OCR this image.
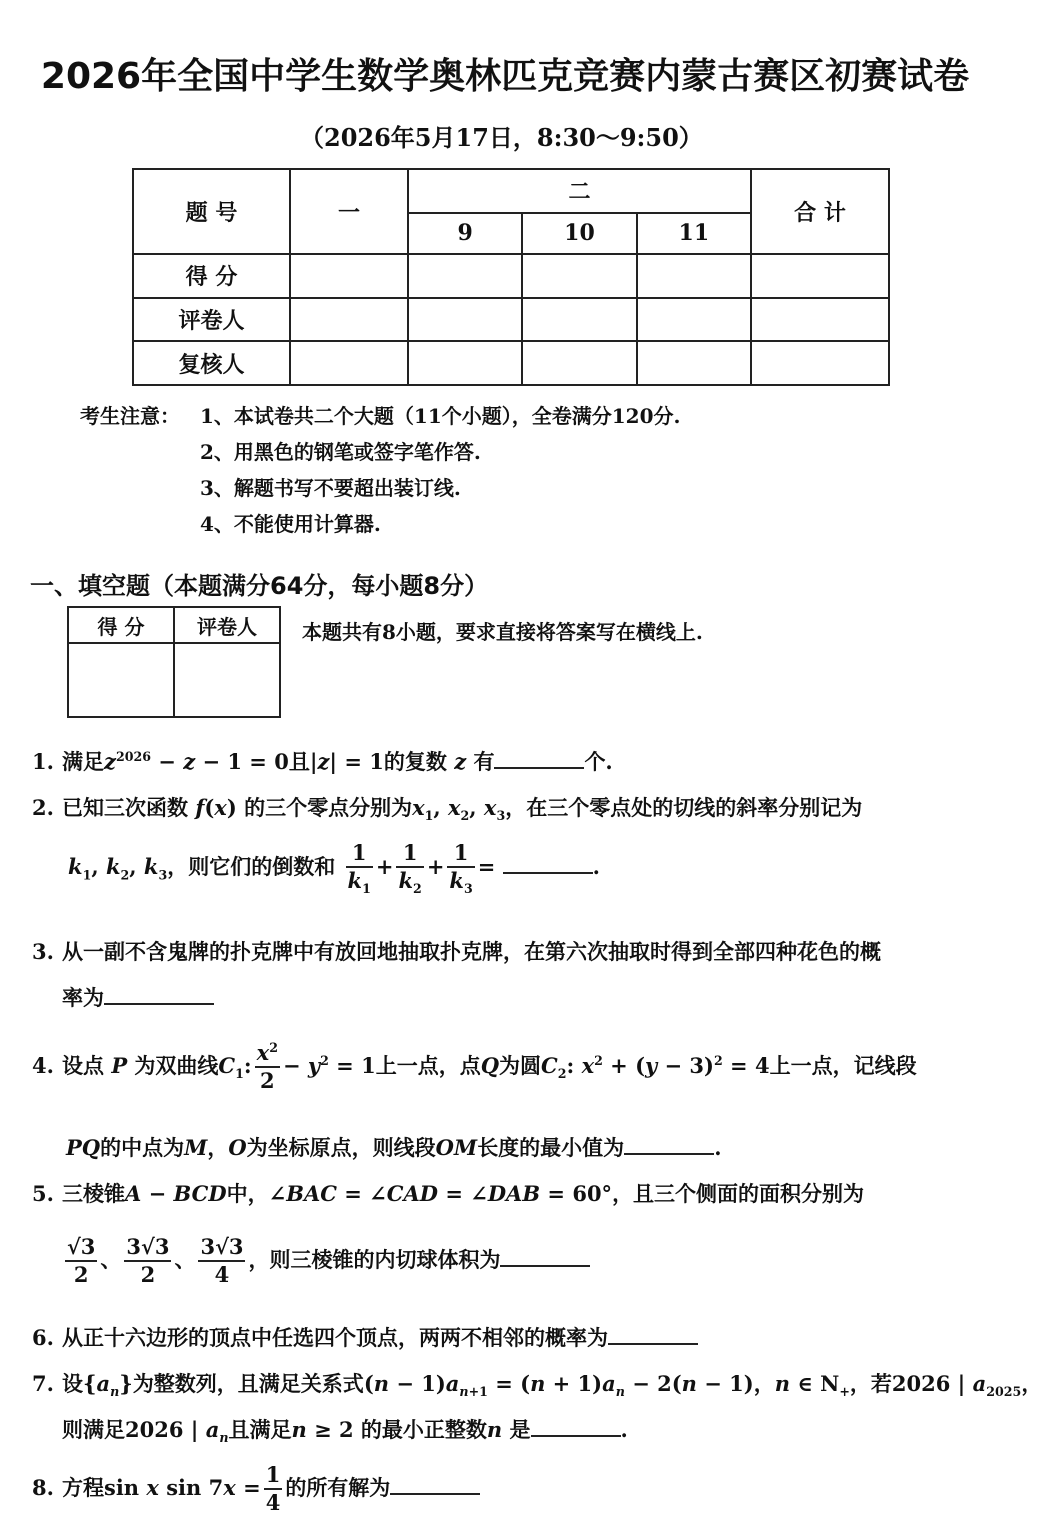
2026年全国中学生数学奥林匹克竞赛内蒙古赛区初赛试卷
（2026年5月17日，8:30～9:50）
题 号	一	二			合 计
		9	10	11	
得 分					
评卷人					
复核人					
考生注意： 1、本试卷共二个大题（11个小题），全卷满分120分.
2、用黑色的钢笔或签字笔作答.
3、解题书写不要超出装订线.
4、不能使用计算器.
一、填空题（本题满分64分，每小题8分）
得 分	评卷人
	本题共有8小题，要求直接将答案写在横线上.
1. 满足$z^{2026} - z - 1 = 0$且|z| = 1的复数 z 有	个.
2. 已知三次函数 f(x) 的三个零点分别为$x_1$, $x_2$, $x_3$，在三个零点处的切线的斜率分别记为
$k_1$, $k_2$, $k_3$，则它们的倒数和 $\frac{1}{k_1} + \frac{1}{k_2} + \frac{1}{k_3}$ =	.
3. 从一副不含鬼牌的扑克牌中有放回地抽取扑克牌，在第六次抽取时得到全部四种花色的概
率为
4. 设点 P 为双曲线$C_1$: $\frac{x^2}{2} - y^2 = 1$上一点，点Q为圆$C_2$: $x^2 + (y - 3)^2 = 4$上一点，记线段
PQ的中点为M，O为坐标原点，则线段OM长度的最小值为	.
5. 三棱锥A − BCD中，∠BAC = ∠CAD = ∠DAB = 60°，且三个侧面的面积分别为
$\frac{√3}{2}$ 、 $\frac{3√3}{2}$ 、 $\frac{3√3}{4}$ ，则三棱锥的内切球体积为
6. 从正十六边形的顶点中任选四个顶点，两两不相邻的概率为
7. 设$\{a_n\}$为整数列，且满足关系式$(n - 1)a_{n+1} = (n + 1)a_n - 2(n - 1)$，n ∈ $N_+$，若2026 | $a_{2025}$，
则满足2026 | $a_n$且满足n ≥ 2 的最小正整数n 是	.
8. 方程sin x $\sin 7x = \frac{1}{4}$ 的所有解为
